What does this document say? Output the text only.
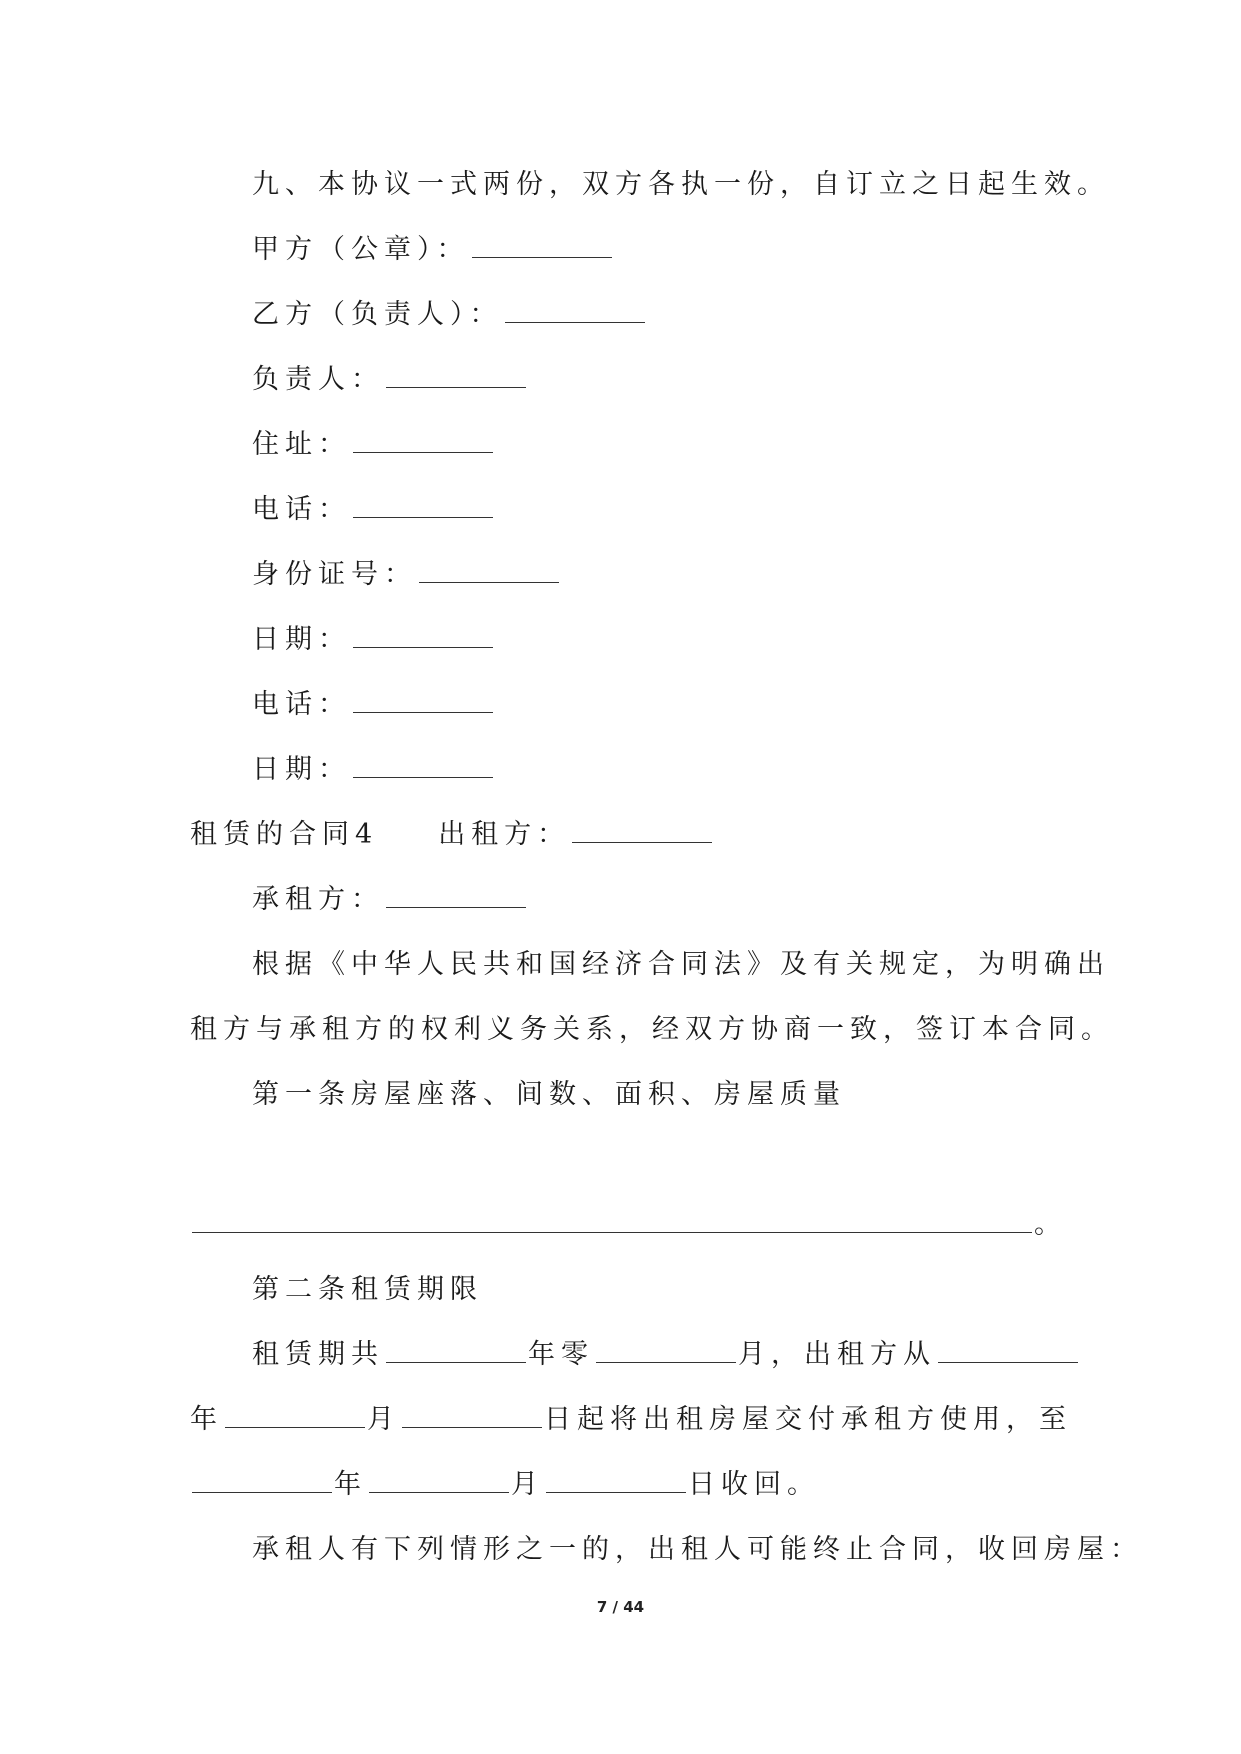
九、本协议一式两份，双方各执一份，自订立之日起生效。
甲方（公章）：
乙方（负责人）：
负责人：
住址：
电话：
身份证号：
日期：
电话：
日期：
租赁的合同4 出租方：
承租方：
根据《中华人民共和国经济合同法》及有关规定，为明确出
租方与承租方的权利义务关系，经双方协商一致，签订本合同。
第一条房屋座落、间数、面积、房屋质量
。
第二条租赁期限
租赁期共	年零	月，出租方从
年	月	日起将出租房屋交付承租方使用，至
年	月	日收回。
承租人有下列情形之一的，出租人可能终止合同，收回房屋：
7 / 44
